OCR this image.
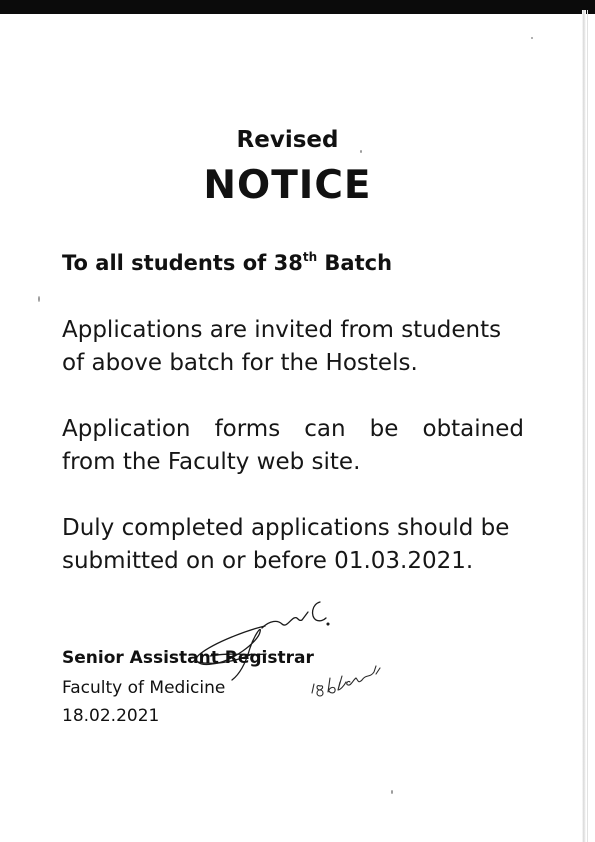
Revised
NOTICE
To all students of 38th Batch
Applications are invited from students
of above batch for the Hostels.
Application forms can be obtained
from the Faculty web site.
Duly completed applications should be
submitted on or before 01.03.2021.
Senior Assistant Registrar
Faculty of Medicine
18.02.2021
